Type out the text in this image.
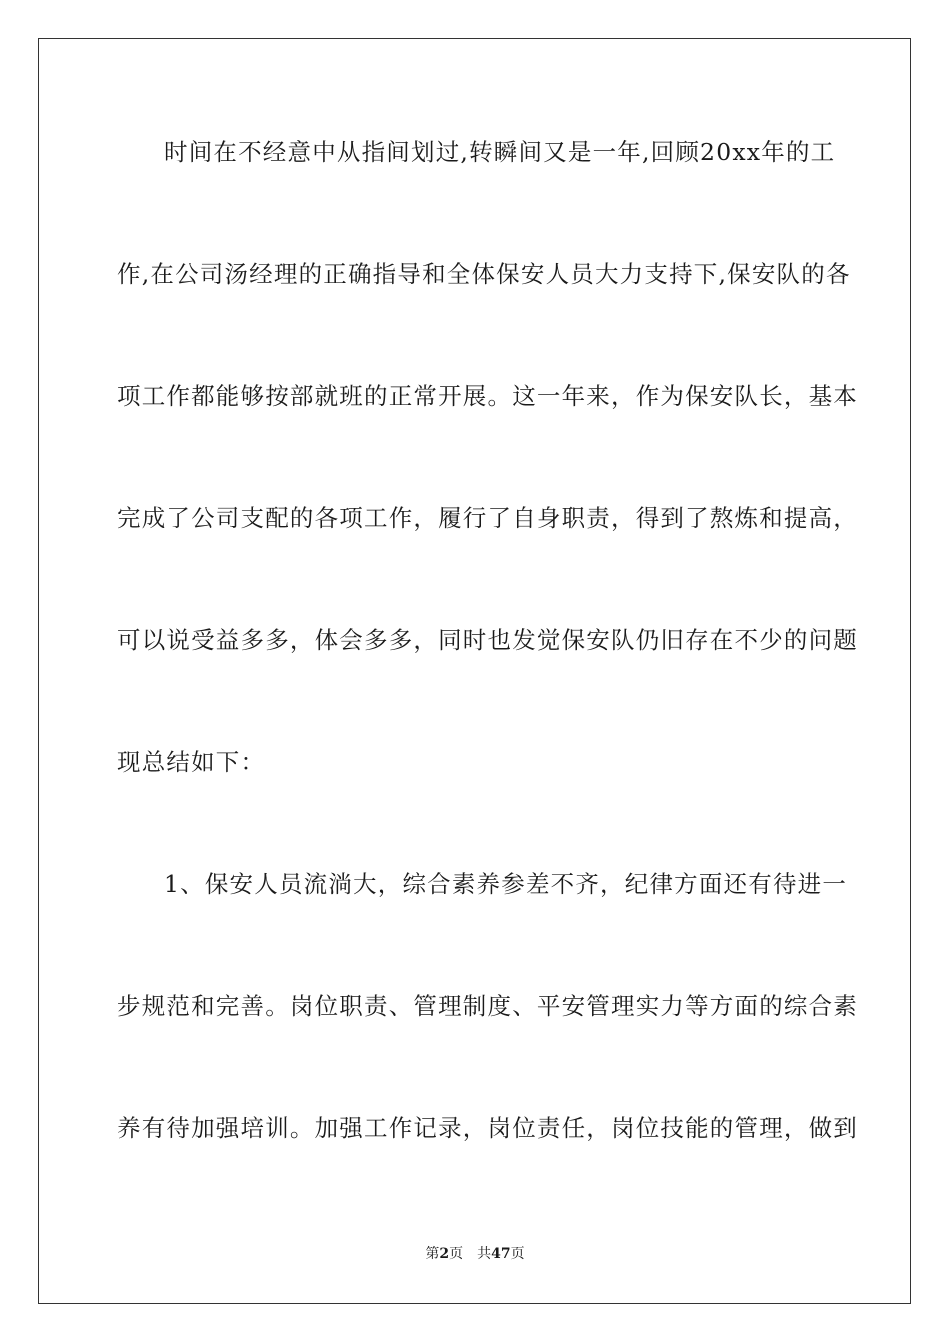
时间在不经意中从指间划过,转瞬间又是一年,回顾20xx年的工
作,在公司汤经理的正确指导和全体保安人员大力支持下,保安队的各
项工作都能够按部就班的正常开展。这一年来，作为保安队长，基本
完成了公司支配的各项工作，履行了自身职责，得到了熬炼和提高，
可以说受益多多，体会多多，同时也发觉保安队仍旧存在不少的问题
现总结如下：
1、保安人员流淌大，综合素养参差不齐，纪律方面还有待进一
步规范和完善。岗位职责、管理制度、平安管理实力等方面的综合素
养有待加强培训。加强工作记录，岗位责任，岗位技能的管理，做到
第2页 共47页
